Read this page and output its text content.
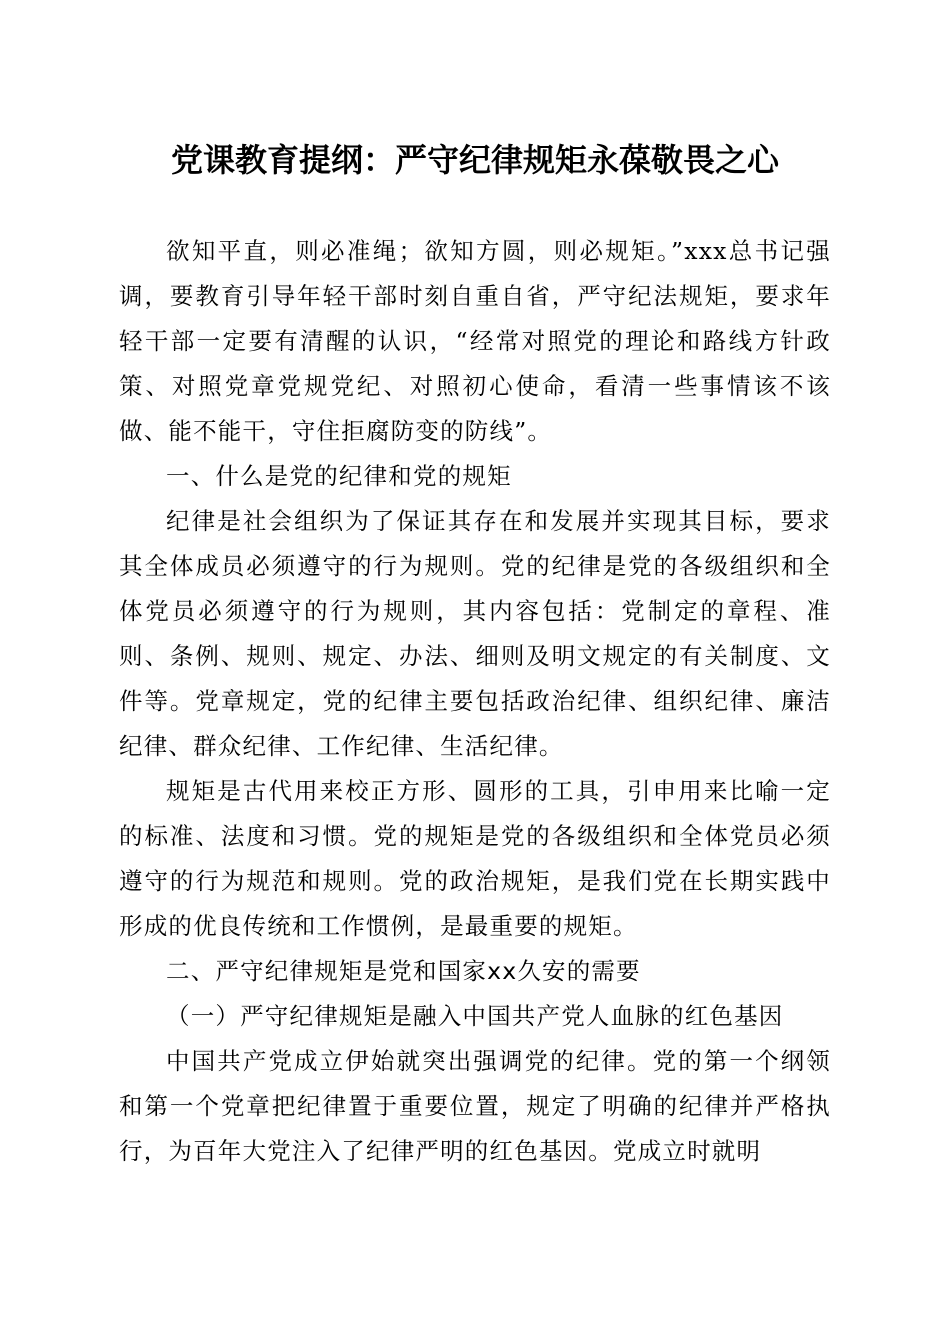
党课教育提纲：严守纪律规矩永葆敬畏之心

欲知平直，则必准绳；欲知方圆，则必规矩。”xxx总书记强调，要教育引导年轻干部时刻自重自省，严守纪法规矩，要求年轻干部一定要有清醒的认识，“经常对照党的理论和路线方针政策、对照党章党规党纪、对照初心使命，看清一些事情该不该做、能不能干，守住拒腐防变的防线”。

一、什么是党的纪律和党的规矩

纪律是社会组织为了保证其存在和发展并实现其目标，要求其全体成员必须遵守的行为规则。党的纪律是党的各级组织和全体党员必须遵守的行为规则，其内容包括：党制定的章程、准则、条例、规则、规定、办法、细则及明文规定的有关制度、文件等。党章规定，党的纪律主要包括政治纪律、组织纪律、廉洁纪律、群众纪律、工作纪律、生活纪律。

规矩是古代用来校正方形、圆形的工具，引申用来比喻一定的标准、法度和习惯。党的规矩是党的各级组织和全体党员必须遵守的行为规范和规则。党的政治规矩，是我们党在长期实践中形成的优良传统和工作惯例，是最重要的规矩。

二、严守纪律规矩是党和国家xx久安的需要

（一）严守纪律规矩是融入中国共产党人血脉的红色基因

中国共产党成立伊始就突出强调党的纪律。党的第一个纲领和第一个党章把纪律置于重要位置，规定了明确的纪律并严格执行，为百年大党注入了纪律严明的红色基因。党成立时就明
